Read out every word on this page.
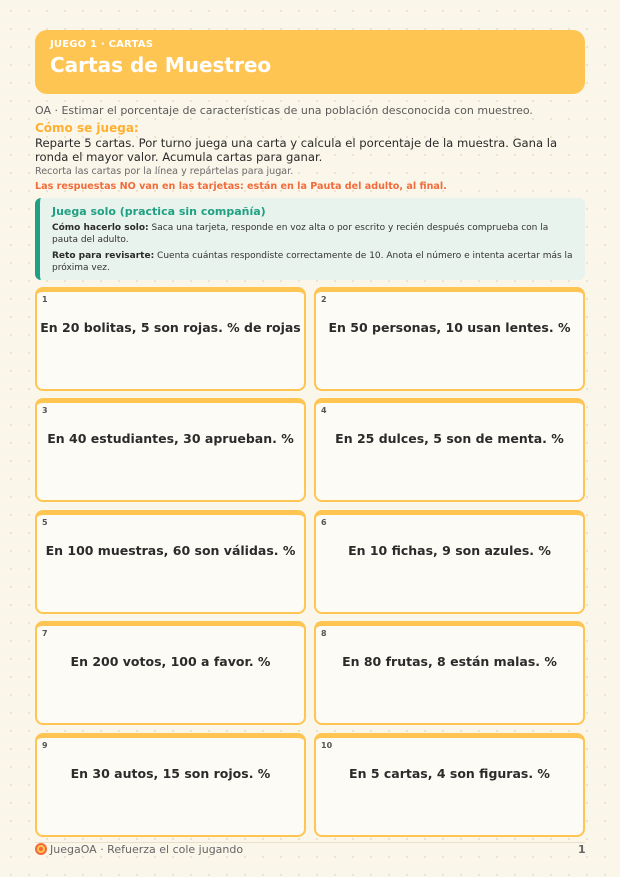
JUEGO 1 · CARTAS
Cartas de Muestreo
OA · Estimar el porcentaje de características de una población desconocida con muestreo.
Cómo se juega:
Reparte 5 cartas. Por turno juega una carta y calcula el porcentaje de la muestra. Gana la ronda el mayor valor. Acumula cartas para ganar.
Recorta las cartas por la línea y repártelas para jugar.
Las respuestas NO van en las tarjetas: están en la Pauta del adulto, al final.
Juega solo (practica sin compañía)
Cómo hacerlo solo: Saca una tarjeta, responde en voz alta o por escrito y recién después comprueba con la pauta del adulto.
Reto para revisarte: Cuenta cuántas respondiste correctamente de 10. Anota el número e intenta acertar más la próxima vez.
1
En 20 bolitas, 5 son rojas. % de rojas
2
En 50 personas, 10 usan lentes. %
3
En 40 estudiantes, 30 aprueban. %
4
En 25 dulces, 5 son de menta. %
5
En 100 muestras, 60 son válidas. %
6
En 10 fichas, 9 son azules. %
7
En 200 votos, 100 a favor. %
8
En 80 frutas, 8 están malas. %
9
En 30 autos, 15 son rojos. %
10
En 5 cartas, 4 son figuras. %
JuegaOA · Refuerza el cole jugando	1
